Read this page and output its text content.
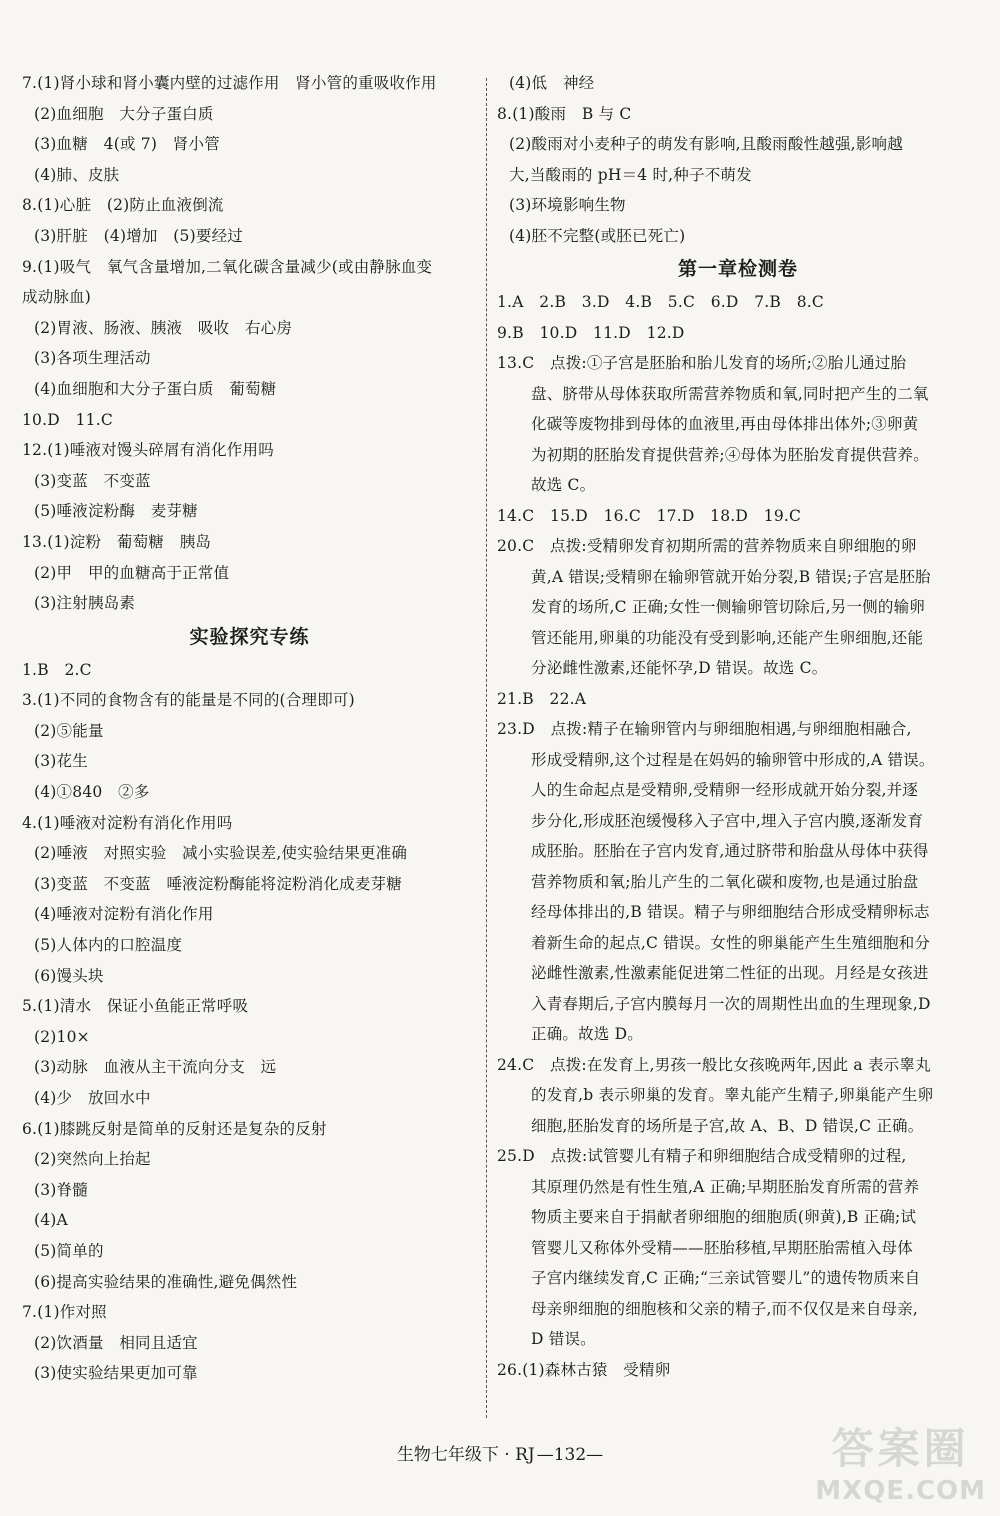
7.(1)肾小球和肾小囊内壁的过滤作用　肾小管的重吸收作用
(2)血细胞　大分子蛋白质
(3)血糖　4(或 7)　肾小管
(4)肺、皮肤
8.(1)心脏　(2)防止血液倒流
(3)肝脏　(4)增加　(5)要经过
9.(1)吸气　氧气含量增加,二氧化碳含量减少(或由静脉血变
成动脉血)
(2)胃液、肠液、胰液　吸收　右心房
(3)各项生理活动
(4)血细胞和大分子蛋白质　葡萄糖
10.D　11.C
12.(1)唾液对馒头碎屑有消化作用吗
(3)变蓝　不变蓝
(5)唾液淀粉酶　麦芽糖
13.(1)淀粉　葡萄糖　胰岛
(2)甲　甲的血糖高于正常值
(3)注射胰岛素
实验探究专练
1.B　2.C
3.(1)不同的食物含有的能量是不同的(合理即可)
(2)⑤能量
(3)花生
(4)①840　②多
4.(1)唾液对淀粉有消化作用吗
(2)唾液　对照实验　减小实验误差,使实验结果更准确
(3)变蓝　不变蓝　唾液淀粉酶能将淀粉消化成麦芽糖
(4)唾液对淀粉有消化作用
(5)人体内的口腔温度
(6)馒头块
5.(1)清水　保证小鱼能正常呼吸
(2)10×
(3)动脉　血液从主干流向分支　远
(4)少　放回水中
6.(1)膝跳反射是简单的反射还是复杂的反射
(2)突然向上抬起
(3)脊髓
(4)A
(5)简单的
(6)提高实验结果的准确性,避免偶然性
7.(1)作对照
(2)饮酒量　相同且适宜
(3)使实验结果更加可靠
(4)低　神经
8.(1)酸雨　B 与 C
(2)酸雨对小麦种子的萌发有影响,且酸雨酸性越强,影响越
大,当酸雨的 pH＝4 时,种子不萌发
(3)环境影响生物
(4)胚不完整(或胚已死亡)
第一章检测卷
1.A　2.B　3.D　4.B　5.C　6.D　7.B　8.C
9.B　10.D　11.D　12.D
13.C　点拨:①子宫是胚胎和胎儿发育的场所;②胎儿通过胎
盘、脐带从母体获取所需营养物质和氧,同时把产生的二氧
化碳等废物排到母体的血液里,再由母体排出体外;③卵黄
为初期的胚胎发育提供营养;④母体为胚胎发育提供营养。
故选 C。
14.C　15.D　16.C　17.D　18.D　19.C
20.C　点拨:受精卵发育初期所需的营养物质来自卵细胞的卵
黄,A 错误;受精卵在输卵管就开始分裂,B 错误;子宫是胚胎
发育的场所,C 正确;女性一侧输卵管切除后,另一侧的输卵
管还能用,卵巢的功能没有受到影响,还能产生卵细胞,还能
分泌雌性激素,还能怀孕,D 错误。故选 C。
21.B　22.A
23.D　点拨:精子在输卵管内与卵细胞相遇,与卵细胞相融合,
形成受精卵,这个过程是在妈妈的输卵管中形成的,A 错误。
人的生命起点是受精卵,受精卵一经形成就开始分裂,并逐
步分化,形成胚泡缓慢移入子宫中,埋入子宫内膜,逐渐发育
成胚胎。胚胎在子宫内发育,通过脐带和胎盘从母体中获得
营养物质和氧;胎儿产生的二氧化碳和废物,也是通过胎盘
经母体排出的,B 错误。精子与卵细胞结合形成受精卵标志
着新生命的起点,C 错误。女性的卵巢能产生生殖细胞和分
泌雌性激素,性激素能促进第二性征的出现。月经是女孩进
入青春期后,子宫内膜每月一次的周期性出血的生理现象,D
正确。故选 D。
24.C　点拨:在发育上,男孩一般比女孩晚两年,因此 a 表示睾丸
的发育,b 表示卵巢的发育。睾丸能产生精子,卵巢能产生卵
细胞,胚胎发育的场所是子宫,故 A、B、D 错误,C 正确。
25.D　点拨:试管婴儿有精子和卵细胞结合成受精卵的过程,
其原理仍然是有性生殖,A 正确;早期胚胎发育所需的营养
物质主要来自于捐献者卵细胞的细胞质(卵黄),B 正确;试
管婴儿又称体外受精——胚胎移植,早期胚胎需植入母体
子宫内继续发育,C 正确;“三亲试管婴儿”的遗传物质来自
母亲卵细胞的细胞核和父亲的精子,而不仅仅是来自母亲,
D 错误。
26.(1)森林古猿　受精卵
生物七年级下 · RJ —132—	答案圈
MXQE.COM
